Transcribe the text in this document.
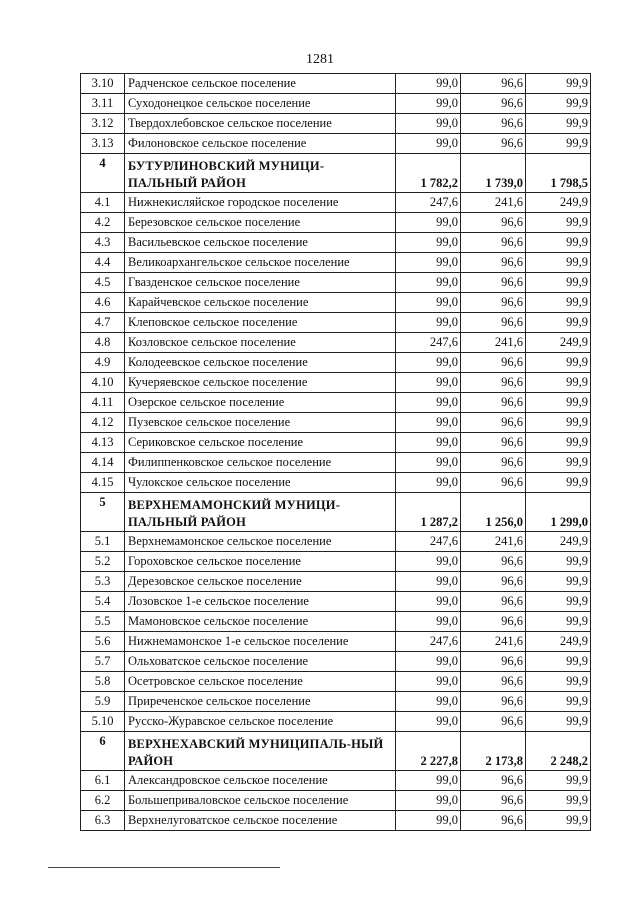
1281
3.10	Радченское сельское поселение	99,0	96,6	99,9
3.11	Суходонецкое сельское поселение	99,0	96,6	99,9
3.12	Твердохлебовское сельское поселение	99,0	96,6	99,9
3.13	Филоновское сельское поселение	99,0	96,6	99,9
4	БУТУРЛИНОВСКИЙ МУНИЦИ-ПАЛЬНЫЙ РАЙОН	1 782,2	1 739,0	1 798,5
4.1	Нижнекисляйское городское поселение	247,6	241,6	249,9
4.2	Березовское сельское поселение	99,0	96,6	99,9
4.3	Васильевское сельское поселение	99,0	96,6	99,9
4.4	Великоархангельское сельское поселение	99,0	96,6	99,9
4.5	Гвазденское сельское поселение	99,0	96,6	99,9
4.6	Карайчевское сельское поселение	99,0	96,6	99,9
4.7	Клеповское сельское поселение	99,0	96,6	99,9
4.8	Козловское сельское поселение	247,6	241,6	249,9
4.9	Колодеевское сельское поселение	99,0	96,6	99,9
4.10	Кучеряевское сельское поселение	99,0	96,6	99,9
4.11	Озерское сельское поселение	99,0	96,6	99,9
4.12	Пузевское сельское поселение	99,0	96,6	99,9
4.13	Сериковское сельское поселение	99,0	96,6	99,9
4.14	Филиппенковское сельское поселение	99,0	96,6	99,9
4.15	Чулокское сельское поселение	99,0	96,6	99,9
5	ВЕРХНЕМАМОНСКИЙ МУНИЦИ-ПАЛЬНЫЙ РАЙОН	1 287,2	1 256,0	1 299,0
5.1	Верхнемамонское сельское поселение	247,6	241,6	249,9
5.2	Гороховское сельское поселение	99,0	96,6	99,9
5.3	Дерезовское сельское поселение	99,0	96,6	99,9
5.4	Лозовское 1-е сельское поселение	99,0	96,6	99,9
5.5	Мамоновское сельское поселение	99,0	96,6	99,9
5.6	Нижнемамонское 1-е сельское поселение	247,6	241,6	249,9
5.7	Ольховатское сельское поселение	99,0	96,6	99,9
5.8	Осетровское сельское поселение	99,0	96,6	99,9
5.9	Приреченское сельское поселение	99,0	96,6	99,9
5.10	Русско-Журавское сельское поселение	99,0	96,6	99,9
6	ВЕРХНЕХАВСКИЙ МУНИЦИПАЛЬ-НЫЙ РАЙОН	2 227,8	2 173,8	2 248,2
6.1	Александровское сельское поселение	99,0	96,6	99,9
6.2	Большеприваловское сельское поселение	99,0	96,6	99,9
6.3	Верхнелуговатское сельское поселение	99,0	96,6	99,9
